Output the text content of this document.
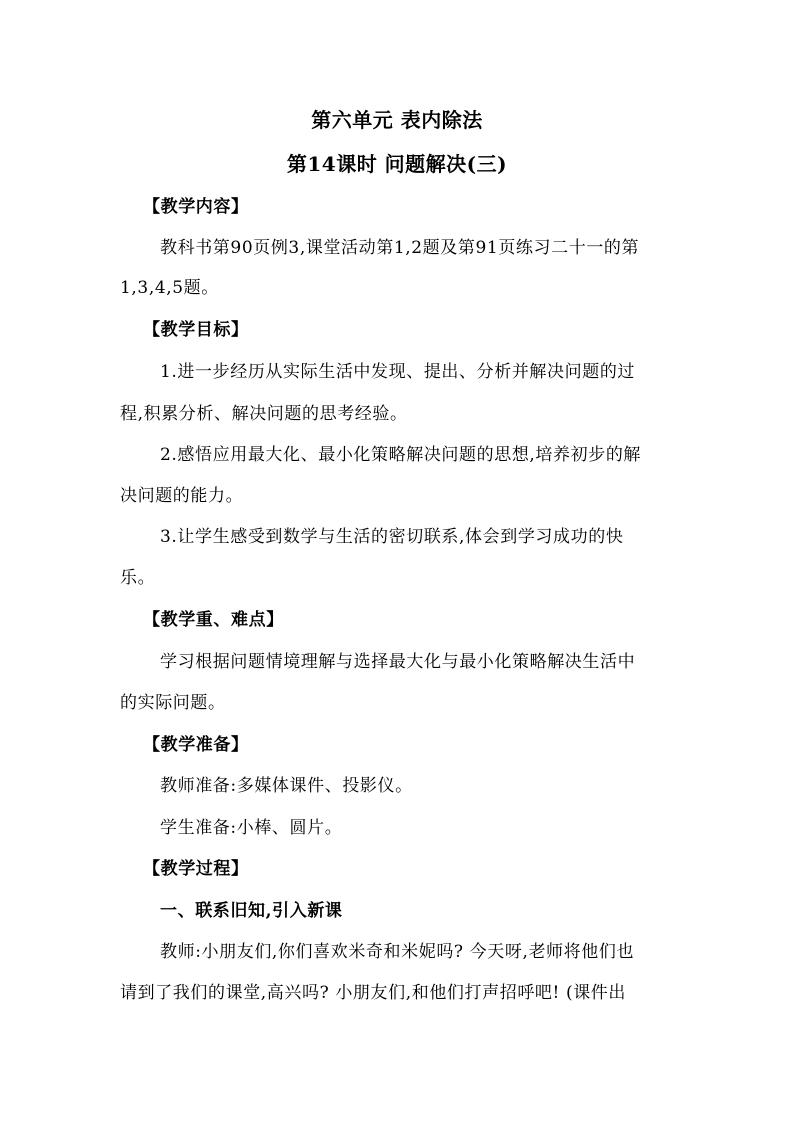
第六单元 表内除法
第14课时 问题解决(三)
【教学内容】
教科书第90页例3,课堂活动第1,2题及第91页练习二十一的第
1,3,4,5题。
【教学目标】
1.进一步经历从实际生活中发现、提出、分析并解决问题的过
程,积累分析、解决问题的思考经验。
2.感悟应用最大化、最小化策略解决问题的思想,培养初步的解
决问题的能力。
3.让学生感受到数学与生活的密切联系,体会到学习成功的快
乐。
【教学重、难点】
学习根据问题情境理解与选择最大化与最小化策略解决生活中
的实际问题。
【教学准备】
教师准备:多媒体课件、投影仪。
学生准备:小棒、圆片。
【教学过程】
一、联系旧知,引入新课
教师:小朋友们,你们喜欢米奇和米妮吗? 今天呀,老师将他们也
请到了我们的课堂,高兴吗? 小朋友们,和他们打声招呼吧! (课件出
